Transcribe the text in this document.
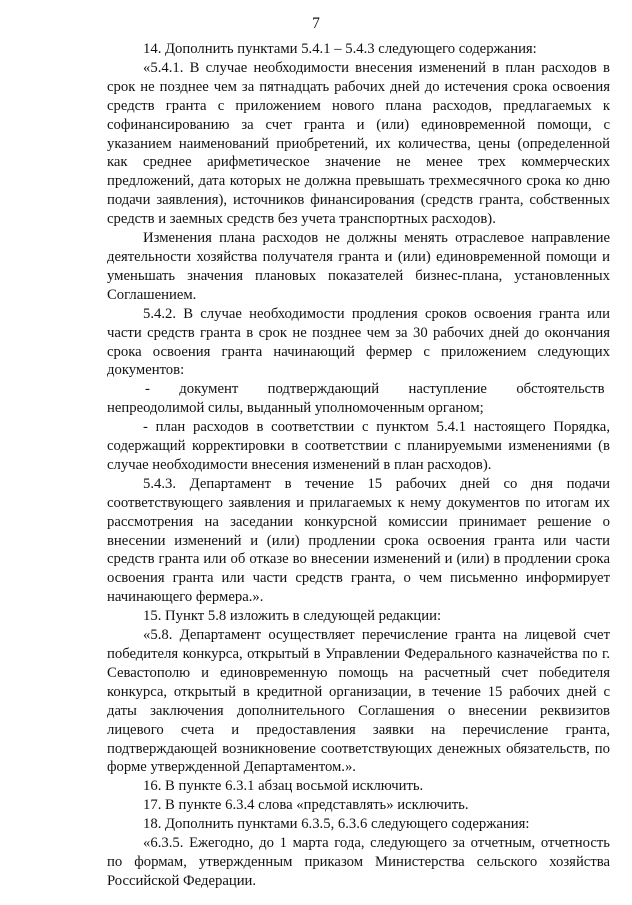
7

14. Дополнить пунктами 5.4.1 – 5.4.3 следующего содержания:

«5.4.1. В случае необходимости внесения изменений в план расходов в срок не позднее чем за пятнадцать рабочих дней до истечения срока освоения средств гранта с приложением нового плана расходов, предлагаемых к софинансированию за счет гранта и (или) единовременной помощи, с указанием наименований приобретений, их количества, цены (определенной как среднее арифметическое значение не менее трех коммерческих предложений, дата которых не должна превышать трехмесячного срока ко дню подачи заявления), источников финансирования (средств гранта, собственных средств и заемных средств без учета транспортных расходов).

Изменения плана расходов не должны менять отраслевое направление деятельности хозяйства получателя гранта и (или) единовременной помощи и уменьшать значения плановых показателей бизнес-плана, установленных Соглашением.

5.4.2. В случае необходимости продления сроков освоения гранта или части средств гранта в срок не позднее чем за 30 рабочих дней до окончания срока освоения гранта начинающий фермер с приложением следующих документов:

-  документ  подтверждающий  наступление  обстоятельств непреодолимой силы, выданный уполномоченным органом;

- план расходов в соответствии с пунктом 5.4.1 настоящего Порядка, содержащий корректировки в соответствии с планируемыми изменениями (в случае необходимости внесения изменений в план расходов).

5.4.3. Департамент в течение 15 рабочих дней со дня подачи соответствующего заявления и прилагаемых к нему документов по итогам их рассмотрения на заседании конкурсной комиссии принимает решение о внесении изменений и (или) продлении срока освоения гранта или части средств гранта или об отказе во внесении изменений и (или) в продлении срока освоения гранта или части средств гранта, о чем письменно информирует начинающего фермера.».

15. Пункт 5.8 изложить в следующей редакции:

«5.8. Департамент осуществляет перечисление гранта на лицевой счет победителя конкурса, открытый в Управлении Федерального казначейства по г. Севастополю и единовременную помощь на расчетный счет победителя конкурса, открытый в кредитной организации, в течение 15 рабочих дней с даты заключения дополнительного Соглашения о внесении реквизитов лицевого счета и предоставления заявки на перечисление гранта, подтверждающей возникновение соответствующих денежных обязательств, по форме утвержденной Департаментом.».

16. В пункте 6.3.1 абзац восьмой исключить.

17. В пункте 6.3.4 слова «представлять» исключить.

18. Дополнить пунктами 6.3.5, 6.3.6 следующего содержания:

«6.3.5. Ежегодно, до 1 марта года, следующего за отчетным, отчетность по формам, утвержденным приказом Министерства сельского хозяйства Российской Федерации.
